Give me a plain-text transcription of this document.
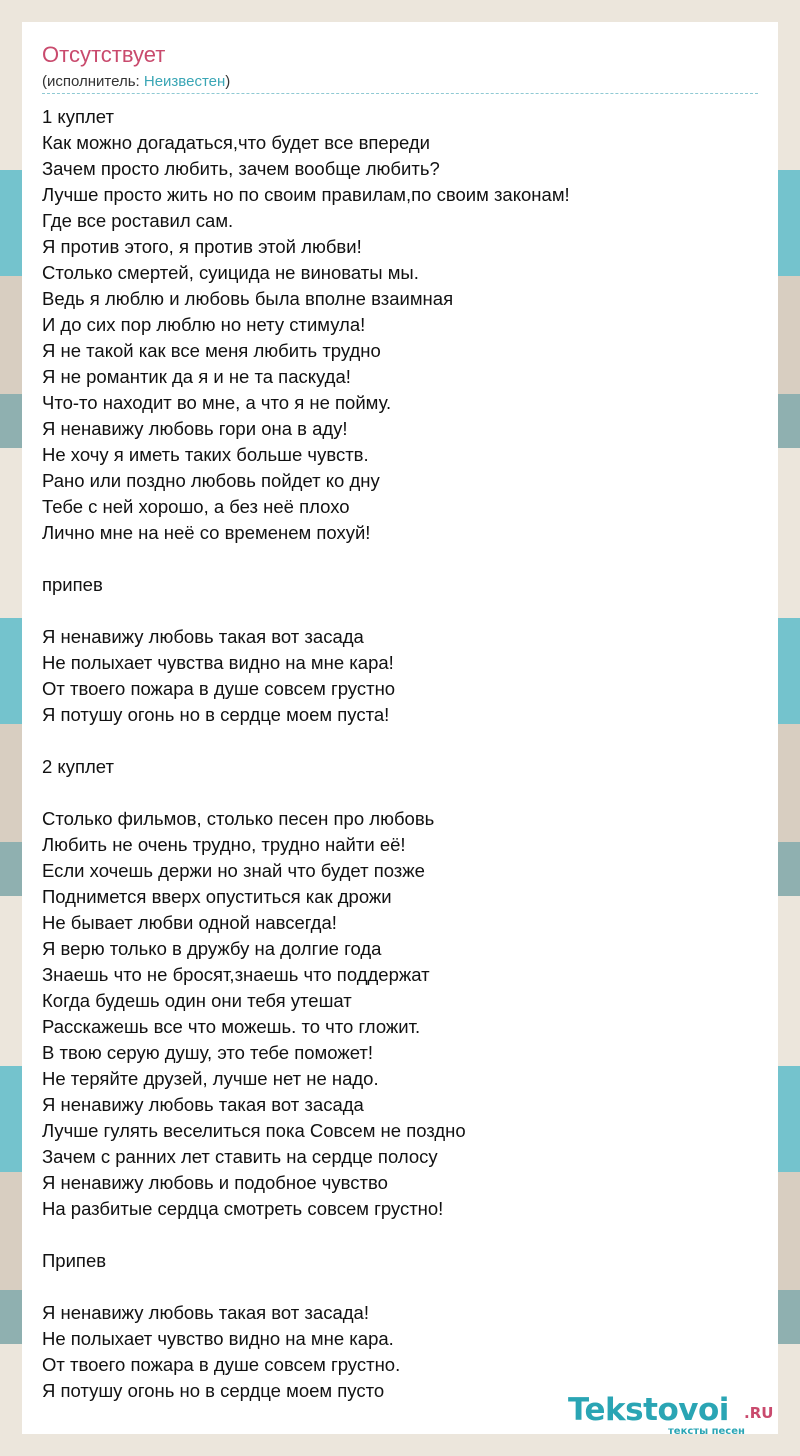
Отсутствует
(исполнитель: Неизвестен)
1 куплет
Как можно догадаться,что будет все впереди
Зачем просто любить, зачем вообще любить?
Лучше просто жить но по своим правилам,по своим законам!
Где все роставил сам.
Я против этого, я против этой любви!
Столько смертей, суицида не виноваты мы.
Ведь я люблю и любовь была вполне взаимная
И до сих пор люблю но нету стимула!
Я не такой как все меня любить трудно
Я не романтик да я и не та паскуда!
Что-то находит во мне, а что я не пойму.
Я ненавижу любовь гори она в аду!
Не хочу я иметь таких больше чувств.
Рано или поздно любовь пойдет ко дну
Тебе с ней хорошо, а без неё плохо
Лично мне на неё со временем похуй!
припев
Я ненавижу любовь такая вот засада
Не полыхает чувства видно на мне кара!
От твоего пожара в душе совсем грустно
Я потушу огонь но в сердце моем пуста!
2 куплет
Столько фильмов, столько песен про любовь
Любить не очень трудно, трудно найти её!
Если хочешь держи но знай что будет позже
Поднимется вверх опуститься как дрожи
Не бывает любви одной навсегда!
Я верю только в дружбу на долгие года
Знаешь что не бросят,знаешь что поддержат
Когда будешь один они тебя утешат
Расскажешь все что можешь. то что гложит.
В твою серую душу, это тебе поможет!
Не теряйте друзей, лучше нет не надо.
Я ненавижу любовь такая вот засада
Лучше гулять веселиться пока Совсем не поздно
Зачем с ранних лет ставить на сердце полосу
Я ненавижу любовь и подобное чувство
На разбитые сердца смотреть совсем грустно!
Припев
Я ненавижу любовь такая вот засада!
Не полыхает чувство видно на мне кара.
От твоего пожара в душе совсем грустно.
Я потушу огонь но в сердце моем пусто
Tekstovoi .RU
тексты песен
